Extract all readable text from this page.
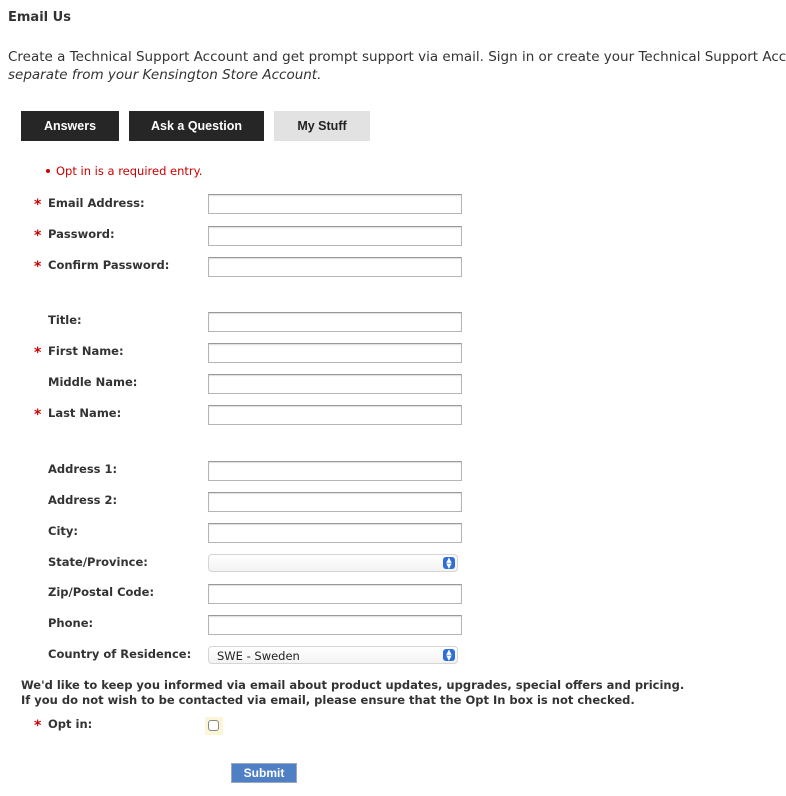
Email Us
Create a Technical Support Account and get prompt support via email. Sign in or create your Technical Support Acc
separate from your Kensington Store Account.
Answers	Ask a Question	My Stuff
Opt in is a required entry.
* Email Address:
* Password:
* Confirm Password:
Title:
* First Name:
Middle Name:
* Last Name:
Address 1:
Address 2:
City:
State/Province:	▲
▼
Zip/Postal Code:
Phone:
Country of Residence:	SWE - Sweden	▲
▼
We'd like to keep you informed via email about product updates, upgrades, special offers and pricing.
If you do not wish to be contacted via email, please ensure that the Opt In box is not checked.
* Opt in:
Submit
